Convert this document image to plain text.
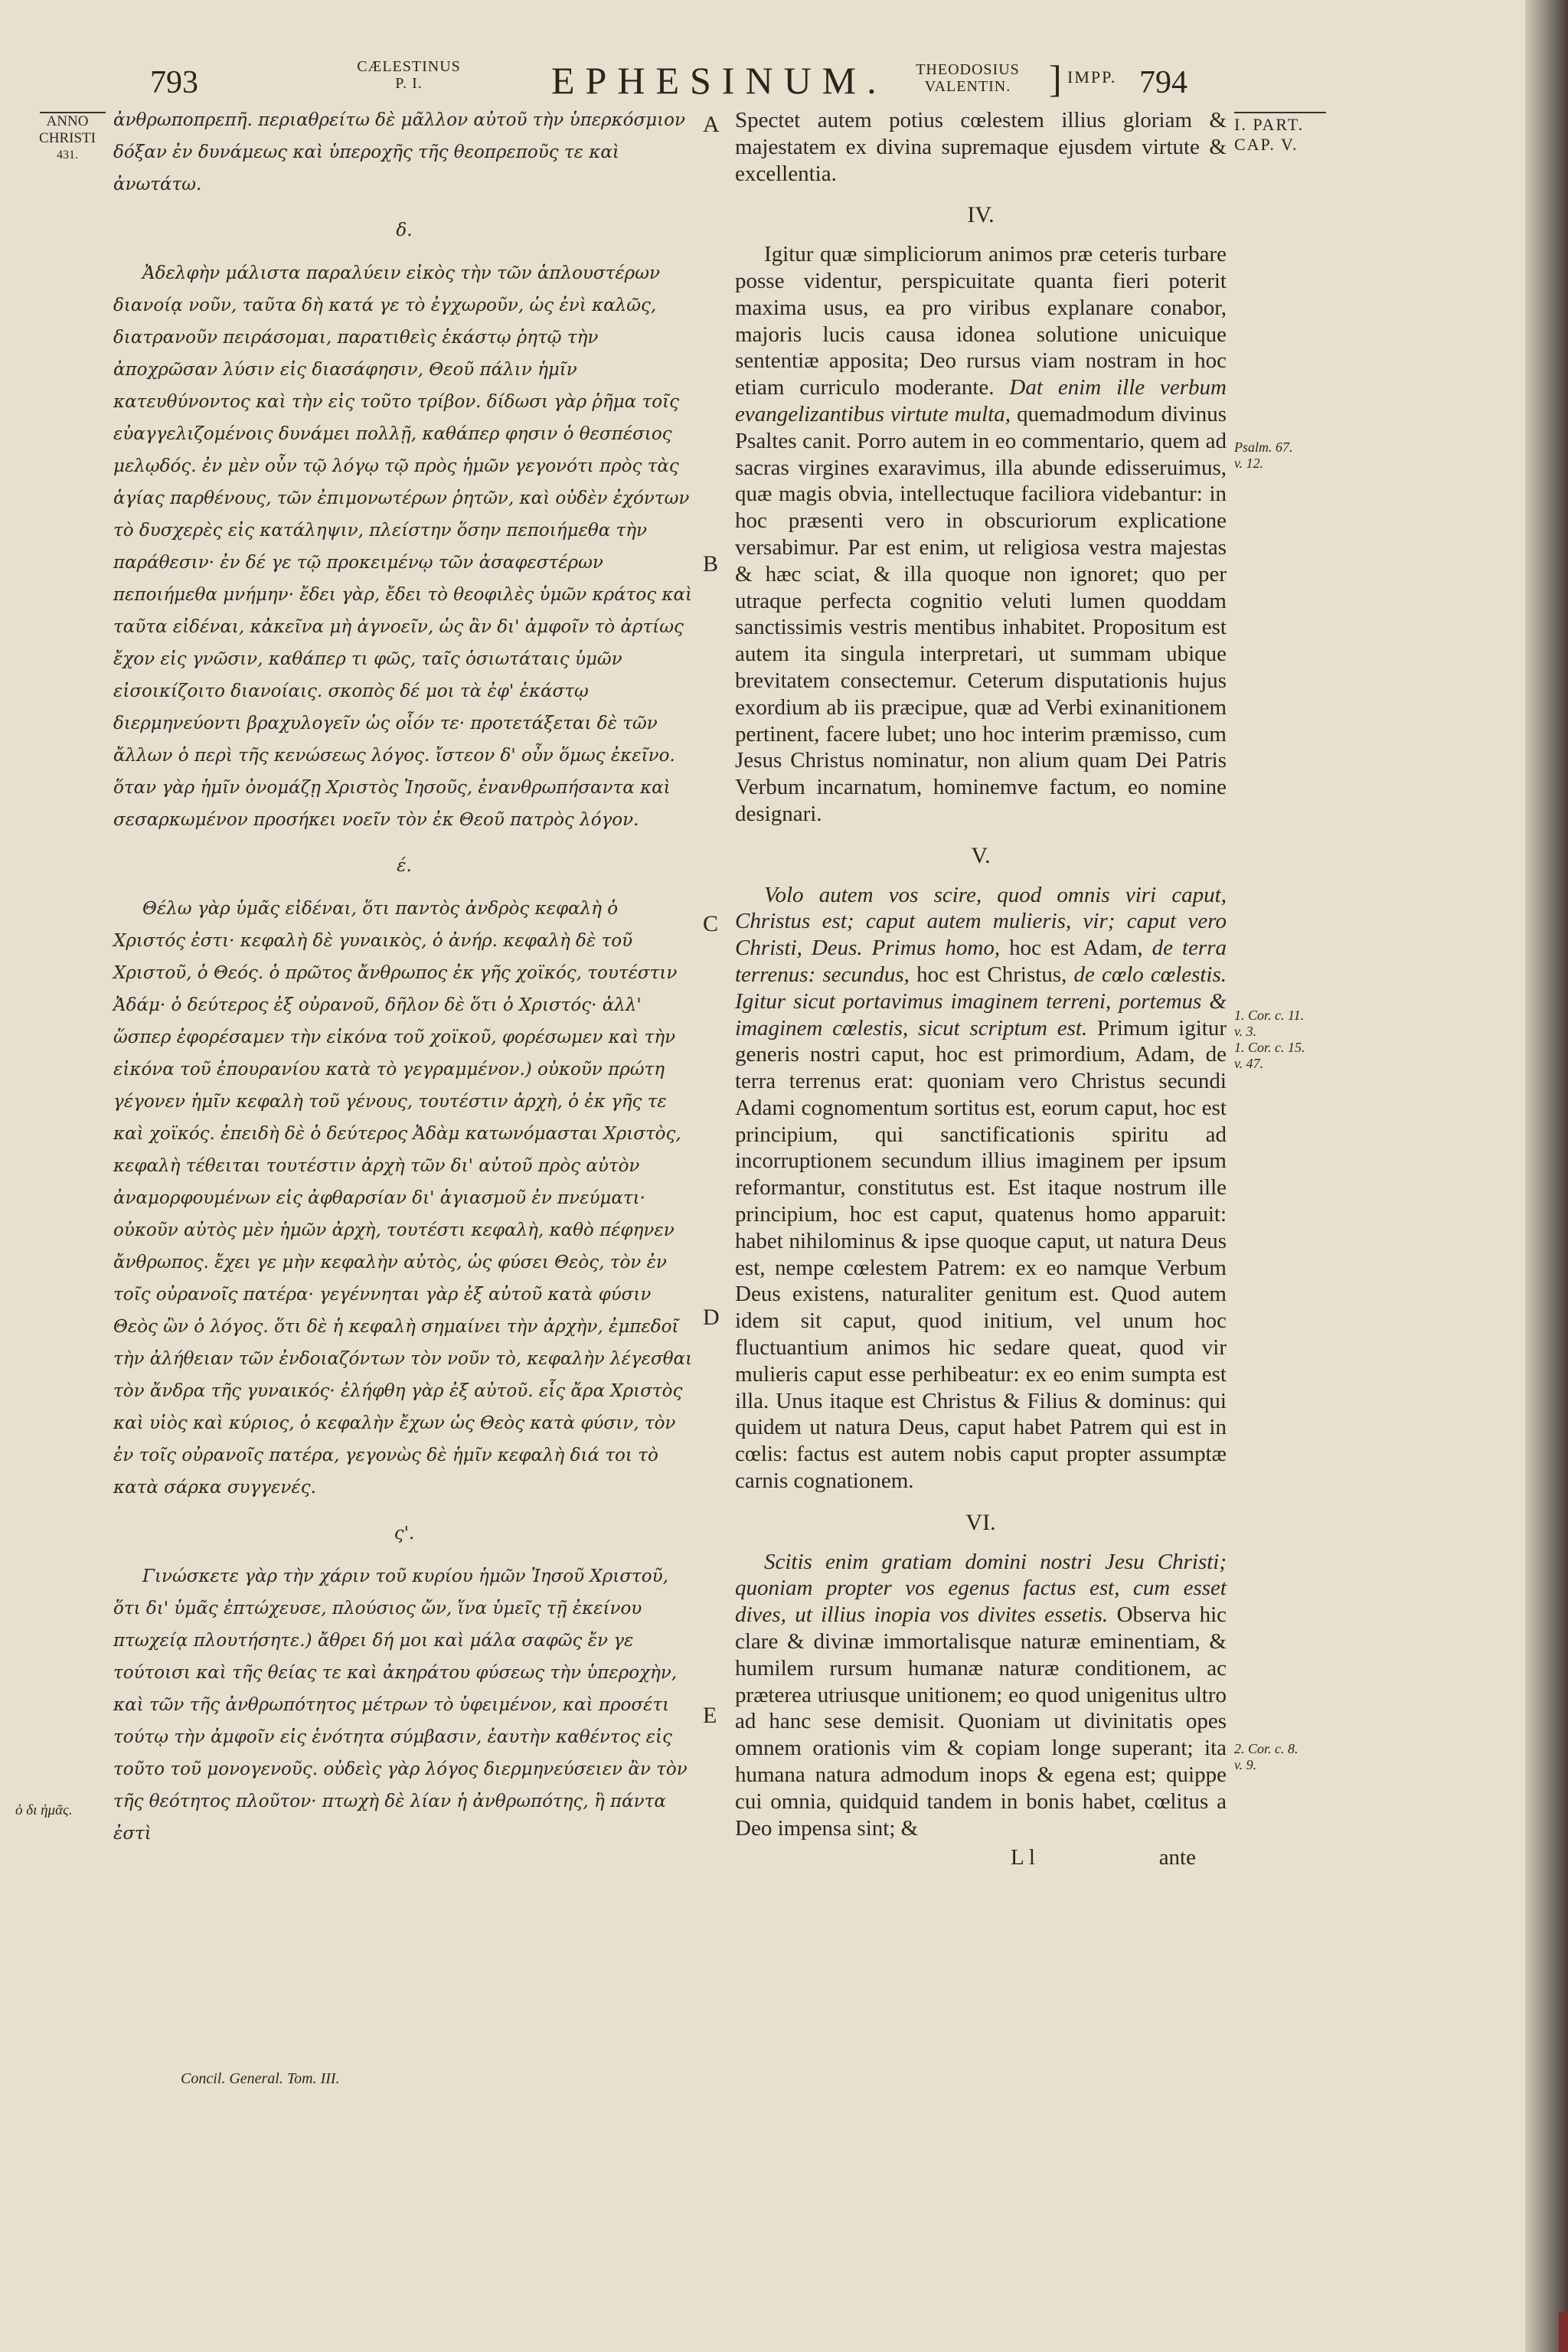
793	CÆLESTINUS
P. I.	EPHESINUM.	THEODOSIUS
VALENTIN. ] IMPP. 794
ANNO
CHRISTI
431.
ὁ δι ἡμᾶς.
I. PART.
CAP. V.
Psalm. 67.
v. 12.
1. Cor. c. 11.
v. 3.
1. Cor. c. 15.
v. 47.
2. Cor. c. 8.
v. 9.
A
B
C
D
E

ἀνθρωποπρεπῆ. περιαθρείτω δὲ μᾶλλον αὐτοῦ τὴν ὑπερκόσμιον δόξαν ἐν δυνάμεως καὶ ὑπεροχῆς τῆς θεοπρεποῦς τε καὶ ἀνωτάτω.

δ.

Ἀδελφὴν μάλιστα παραλύειν εἰκὸς τὴν τῶν ἁπλουστέρων διανοίᾳ νοῦν, ταῦτα δὴ κατά γε τὸ ἐγχωροῦν, ὡς ἐνὶ καλῶς, διατρανοῦν πειράσομαι, παρατιθεὶς ἑκάστῳ ῥητῷ τὴν ἀποχρῶσαν λύσιν εἰς διασάφησιν, Θεοῦ πάλιν ἡμῖν κατευθύνοντος καὶ τὴν εἰς τοῦτο τρίβον. δίδωσι γὰρ ῥῆμα τοῖς εὐαγγελιζομένοις δυνάμει πολλῇ, καθάπερ φησιν ὁ θεσπέσιος μελῳδός. ἐν μὲν οὖν τῷ λόγῳ τῷ πρὸς ἡμῶν γεγονότι πρὸς τὰς ἁγίας παρθένους, τῶν ἐπιμονωτέρων ῥητῶν, καὶ οὐδὲν ἐχόντων τὸ δυσχερὲς εἰς κατάληψιν, πλείστην ὅσην πεποιήμεθα τὴν παράθεσιν· ἐν δέ γε τῷ προκειμένῳ τῶν ἀσαφεστέρων πεποιήμεθα μνήμην· ἔδει γὰρ, ἔδει τὸ θεοφιλὲς ὑμῶν κράτος καὶ ταῦτα εἰδέναι, κἀκεῖνα μὴ ἀγνοεῖν, ὡς ἂν δι' ἀμφοῖν τὸ ἀρτίως ἔχον εἰς γνῶσιν, καθάπερ τι φῶς, ταῖς ὁσιωτάταις ὑμῶν εἰσοικίζοιτο διανοίαις. σκοπὸς δέ μοι τὰ ἐφ' ἑκάστῳ διερμηνεύοντι βραχυλογεῖν ὡς οἷόν τε· προτετάξεται δὲ τῶν ἄλλων ὁ περὶ τῆς κενώσεως λόγος. ἴστεον δ' οὖν ὅμως ἐκεῖνο. ὅταν γὰρ ἡμῖν ὀνομάζῃ Χριστὸς Ἰησοῦς, ἐνανθρωπήσαντα καὶ σεσαρκωμένον προσήκει νοεῖν τὸν ἐκ Θεοῦ πατρὸς λόγον.

έ.

Θέλω γὰρ ὑμᾶς εἰδέναι, ὅτι παντὸς ἀνδρὸς κεφαλὴ ὁ Χριστός ἐστι· κεφαλὴ δὲ γυναικὸς, ὁ ἀνήρ. κεφαλὴ δὲ τοῦ Χριστοῦ, ὁ Θεός. ὁ πρῶτος ἄνθρωπος ἐκ γῆς χοϊκός, τουτέστιν Ἀδάμ· ὁ δεύτερος ἐξ οὐρανοῦ, δῆλον δὲ ὅτι ὁ Χριστός· ἀλλ' ὥσπερ ἐφορέσαμεν τὴν εἰκόνα τοῦ χοϊκοῦ, φορέσωμεν καὶ τὴν εἰκόνα τοῦ ἐπουρανίου κατὰ τὸ γεγραμμένον.) οὐκοῦν πρώτη γέγονεν ἡμῖν κεφαλὴ τοῦ γένους, τουτέστιν ἀρχὴ, ὁ ἐκ γῆς τε καὶ χοϊκός. ἐπειδὴ δὲ ὁ δεύτερος Ἀδὰμ κατωνόμασται Χριστὸς, κεφαλὴ τέθειται τουτέστιν ἀρχὴ τῶν δι' αὐτοῦ πρὸς αὐτὸν ἀναμορφουμένων εἰς ἀφθαρσίαν δι' ἁγιασμοῦ ἐν πνεύματι· οὐκοῦν αὐτὸς μὲν ἡμῶν ἀρχὴ, τουτέστι κεφαλὴ, καθὸ πέφηνεν ἄνθρωπος. ἔχει γε μὴν κεφαλὴν αὐτὸς, ὡς φύσει Θεὸς, τὸν ἐν τοῖς οὐρανοῖς πατέρα· γεγέννηται γὰρ ἐξ αὐτοῦ κατὰ φύσιν Θεὸς ὢν ὁ λόγος. ὅτι δὲ ἡ κεφαλὴ σημαίνει τὴν ἀρχὴν, ἐμπεδοῖ τὴν ἀλήθειαν τῶν ἐνδοιαζόντων τὸν νοῦν τὸ, κεφαλὴν λέγεσθαι τὸν ἄνδρα τῆς γυναικός· ἐλήφθη γὰρ ἐξ αὐτοῦ. εἷς ἄρα Χριστὸς καὶ υἱὸς καὶ κύριος, ὁ κεφαλὴν ἔχων ὡς Θεὸς κατὰ φύσιν, τὸν ἐν τοῖς οὐρανοῖς πατέρα, γεγονὼς δὲ ἡμῖν κεφαλὴ διά τοι τὸ κατὰ σάρκα συγγενές.

ς'.

Γινώσκετε γὰρ τὴν χάριν τοῦ κυρίου ἡμῶν Ἰησοῦ Χριστοῦ, ὅτι δι' ὑμᾶς ἐπτώχευσε, πλούσιος ὤν, ἵνα ὑμεῖς τῇ ἐκείνου πτωχείᾳ πλουτήσητε.) ἄθρει δή μοι καὶ μάλα σαφῶς ἔν γε τούτοισι καὶ τῆς θείας τε καὶ ἀκηράτου φύσεως τὴν ὑπεροχὴν, καὶ τῶν τῆς ἀνθρωπότητος μέτρων τὸ ὑφειμένον, καὶ προσέτι τούτῳ τὴν ἀμφοῖν εἰς ἑνότητα σύμβασιν, ἑαυτὴν καθέντος εἰς τοῦτο τοῦ μονογενοῦς. οὐδεὶς γὰρ λόγος διερμηνεύσειεν ἂν τὸν τῆς θεότητος πλοῦτον· πτωχὴ δὲ λίαν ἡ ἀνθρωπότης, ἣ πάντα ἐστὶ

Spectet autem potius cœlestem illius gloriam & majestatem ex divina supremaque ejusdem virtute & excellentia.

IV.

Igitur quæ simpliciorum animos præ ceteris turbare posse videntur, perspicuitate quanta fieri poterit maxima usus, ea pro viribus explanare conabor, majoris lucis causa idonea solutione unicuique sententiæ apposita; Deo rursus viam nostram in hoc etiam curriculo moderante. Dat enim ille verbum evangelizantibus virtute multa, quemadmodum divinus Psaltes canit. Porro autem in eo commentario, quem ad sacras virgines exaravimus, illa abunde edisseruimus, quæ magis obvia, intellectuque faciliora videbantur: in hoc præsenti vero in obscuriorum explicatione versabimur. Par est enim, ut religiosa vestra majestas & hæc sciat, & illa quoque non ignoret; quo per utraque perfecta cognitio veluti lumen quoddam sanctissimis vestris mentibus inhabitet. Propositum est autem ita singula interpretari, ut summam ubique brevitatem consectemur. Ceterum disputationis hujus exordium ab iis præcipue, quæ ad Verbi exinanitionem pertinent, facere lubet; uno hoc interim præmisso, cum Jesus Christus nominatur, non alium quam Dei Patris Verbum incarnatum, hominemve factum, eo nomine designari.

V.

Volo autem vos scire, quod omnis viri caput, Christus est; caput autem mulieris, vir; caput vero Christi, Deus. Primus homo, hoc est Adam, de terra terrenus: secundus, hoc est Christus, de cœlo cœlestis. Igitur sicut portavimus imaginem terreni, portemus & imaginem cœlestis, sicut scriptum est. Primum igitur generis nostri caput, hoc est primordium, Adam, de terra terrenus erat: quoniam vero Christus secundi Adami cognomentum sortitus est, eorum caput, hoc est principium, qui sanctificationis spiritu ad incorruptionem secundum illius imaginem per ipsum reformantur, constitutus est. Est itaque nostrum ille principium, hoc est caput, quatenus homo apparuit: habet nihilominus & ipse quoque caput, ut natura Deus est, nempe cœlestem Patrem: ex eo namque Verbum Deus existens, naturaliter genitum est. Quod autem idem sit caput, quod initium, vel unum hoc fluctuantium animos hic sedare queat, quod vir mulieris caput esse perhibeatur: ex eo enim sumpta est illa. Unus itaque est Christus & Filius & dominus: qui quidem ut natura Deus, caput habet Patrem qui est in cœlis: factus est autem nobis caput propter assumptæ carnis cognationem.

VI.

Scitis enim gratiam domini nostri Jesu Christi; quoniam propter vos egenus factus est, cum esset dives, ut illius inopia vos divites essetis. Observa hic clare & divinæ immortalisque naturæ eminentiam, & humilem rursum humanæ naturæ conditionem, ac præterea utriusque unitionem; eo quod unigenitus ultro ad hanc sese demisit. Quoniam ut divinitatis opes omnem orationis vim & copiam longe superant; ita humana natura admodum inops & egena est; quippe cui omnia, quidquid tandem in bonis habet, cœlitus a Deo impensa sint; &

L l	ante
Concil. General. Tom. III.
